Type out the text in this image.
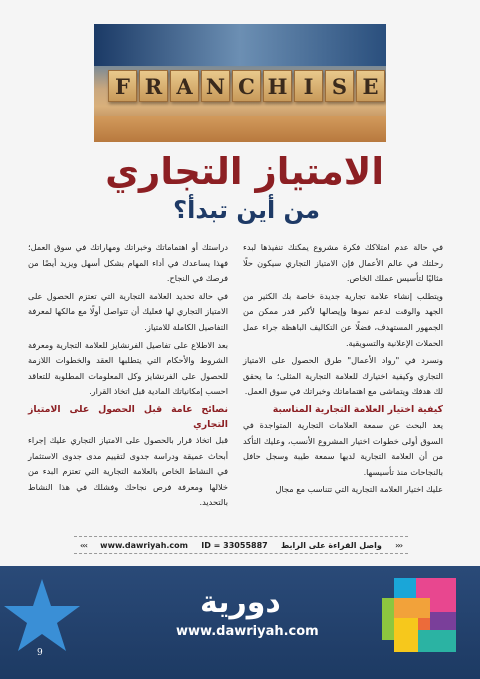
F R A N C H I S E
الامتياز التجاري
من أين تبدأ؟

في حالة عدم امتلاكك فكرة مشروع يمكنك تنفيذها لبدء رحلتك في عالم الأعمال فإن الامتياز التجاري سيكون حلًا مثاليًا لتأسيس عملك الخاص.

ويتطلب إنشاء علامة تجارية جديدة خاصة بك الكثير من الجهد والوقت لدعم نموها وإيصالها لأكبر قدر ممكن من الجمهور المستهدف، فضلًا عن التكاليف الباهظة جراء عمل الحملات الإعلانية والتسويقية.

ونسرد في "رواد الأعمال" طرق الحصول على الامتياز التجاري وكيفية اختيارك للعلامة التجارية المثلى؛ ما يحقق لك هدفك ويتماشى مع اهتماماتك وخبراتك في سوق العمل.

كيفية اختيار العلامة التجارية المناسبة

يعد البحث عن سمعة العلامات التجارية المتواجدة في السوق أولى خطوات اختيار المشروع الأنسب، وعليك التأكد من أن العلامة التجارية لديها سمعة طيبة وسجل حافل بالنجاحات منذ تأسيسها.

عليك اختيار العلامة التجارية التي تتناسب مع مجال

دراستك أو اهتماماتك وخبراتك ومهاراتك في سوق العمل؛ فهذا يساعدك في أداء المهام بشكل أسهل ويزيد أيضًا من فرصك في النجاح.

في حالة تحديد العلامة التجارية التي تعتزم الحصول على الامتياز التجاري لها فعليك أن تتواصل أولًا مع مالكها لمعرفة التفاصيل الكاملة للامتياز.

بعد الاطلاع على تفاصيل الفرنشايز للعلامة التجارية ومعرفة الشروط والأحكام التي يتطلبها العقد والخطوات اللازمة للحصول على الفرنشايز وكل المعلومات المطلوبة للتعاقد احسب إمكانياتك المادية قبل اتخاذ القرار.

نصائح عامة قبل الحصول على الامتياز التجاري

قبل اتخاذ قرار بالحصول على الامتياز التجاري عليك إجراء أبحاث عميقة ودراسة جدوى لتقييم مدى جدوى الاستثمار في النشاط الخاص بالعلامة التجارية التي تعتزم البدء من خلالها ومعرفة فرص نجاحك وفشلك في هذا النشاط بالتحديد.

‹‹‹ www.dawriyah.com ID = 33055887 واصل القراءة على الرابط ›››
دورية
www.dawriyah.com
9
